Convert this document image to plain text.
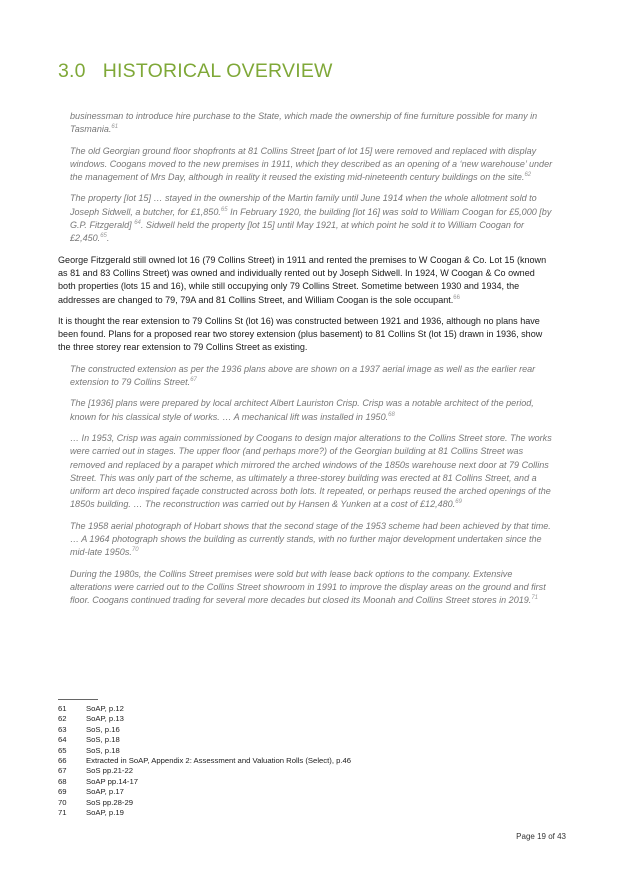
3.0 HISTORICAL OVERVIEW

businessman to introduce hire purchase to the State, which made the ownership of fine furniture possible for many in Tasmania.$^{61}$

The old Georgian ground floor shopfronts at 81 Collins Street [part of lot 15] were removed and replaced with display windows. Coogans moved to the new premises in 1911, which they described as an opening of a ‘new warehouse’ under the management of Mrs Day, although in reality it reused the existing mid-nineteenth century buildings on the site.$^{62}$

The property [lot 15] … stayed in the ownership of the Martin family until June 1914 when the whole allotment sold to Joseph Sidwell, a butcher, for £1,850.65 In February 1920, the building [lot 16] was sold to William Coogan for £5,000 [by G.P. Fitzgerald] $^{64}$. Sidwell held the property [lot 15] until May 1921, at which point he sold it to William Coogan for £2,450.65.

George Fitzgerald still owned lot 16 (79 Collins Street) in 1911 and rented the premises to W Coogan & Co. Lot 15 (known as 81 and 83 Collins Street) was owned and individually rented out by Joseph Sidwell. In 1924, W Coogan & Co owned both properties (lots 15 and 16), while still occupying only 79 Collins Street. Sometime between 1930 and 1934, the addresses are changed to 79, 79A and 81 Collins Street, and William Coogan is the sole occupant.$^{66}$

It is thought the rear extension to 79 Collins St (lot 16) was constructed between 1921 and 1936, although no plans have been found. Plans for a proposed rear two storey extension (plus basement) to 81 Collins St (lot 15) drawn in 1936, show the three storey rear extension to 79 Collins Street as existing.

The constructed extension as per the 1936 plans above are shown on a 1937 aerial image as well as the earlier rear extension to 79 Collins Street.$^{67}$

The [1936] plans were prepared by local architect Albert Lauriston Crisp. Crisp was a notable architect of the period, known for his classical style of works. … A mechanical lift was installed in 1950.68

… In 1953, Crisp was again commissioned by Coogans to design major alterations to the Collins Street store. The works were carried out in stages. The upper floor (and perhaps more?) of the Georgian building at 81 Collins Street was removed and replaced by a parapet which mirrored the arched windows of the 1850s warehouse next door at 79 Collins Street. This was only part of the scheme, as ultimately a three-storey building was erected at 81 Collins Street, and a uniform art deco inspired façade constructed across both lots. It repeated, or perhaps reused the arched openings of the 1850s building. … The reconstruction was carried out by Hansen & Yunken at a cost of £12,480.69

The 1958 aerial photograph of Hobart shows that the second stage of the 1953 scheme had been achieved by that time. … A 1964 photograph shows the building as currently stands, with no further major development undertaken since the mid-late 1950s.$^{70}$

During the 1980s, the Collins Street premises were sold but with lease back options to the company. Extensive alterations were carried out to the Collins Street showroom in 1991 to improve the display areas on the ground and first floor. Coogans continued trading for several more decades but closed its Moonah and Collins Street stores in 2019.71

61	SoAP, p.12
62	SoAP, p.13
63	SoS, p.16
64	SoS, p.18
65	SoS, p.18
66	Extracted in SoAP, Appendix 2: Assessment and Valuation Rolls (Select), p.46
67	SoS pp.21-22
68	SoAP pp.14-17
69	SoAP, p.17
70	SoS pp.28-29
71	SoAP, p.19

Page 19 of 43
